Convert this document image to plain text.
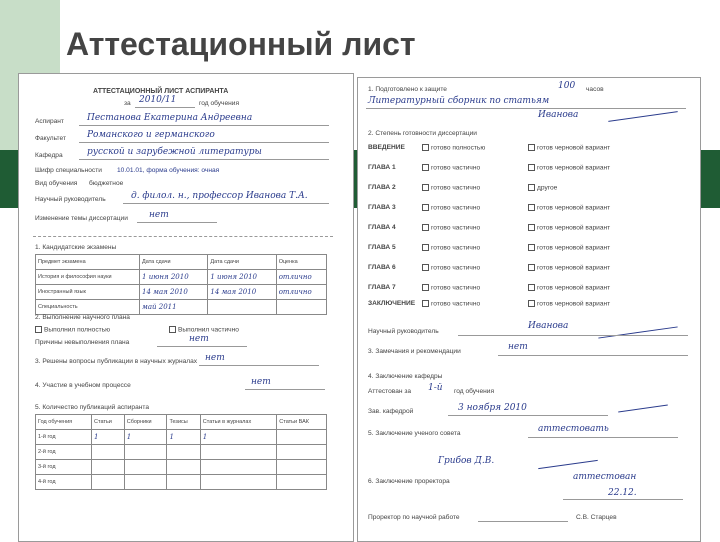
Аттестационный лист
АТТЕСТАЦИОННЫЙ ЛИСТ АСПИРАНТА
за 2010/11	год обучения
Аспирант	Пестанова Екатерина Андреевна
Факультет Романского и германского
Кафедра	русской и зарубежной литературы
Шифр специальности 10.01.01, форма обучения: очная
Вид обучения бюджетное
Научный руководитель	д. филол. н., профессор Иванова Т.А.
Изменение темы диссертации нет
1. Кандидатские экзамены
Предмет экзамена	Дата сдачи	Дата сдачи	Оценка
История и философия науки	1 июня 2010	1 июня 2010	отлично
Иностранный язык	14 мая 2010	14 мая 2010	отлично
Специальность	май 2011		
2. Выполнение научного плана
Выполнил полностью	Выполнил частично
Причины невыполнения плана	нет
3. Решены вопросы публикации в научных журналах нет
4. Участие в учебном процессе	нет
5. Количество публикаций аспиранта
Год обучения	Статьи	Сборники	Тезисы	Статьи в журналах	Статьи ВАК
1-й год	1	1	1	1	
2-й год					
3-й год					
4-й год					
1. Подготовлено к защите	100 часов
Литературный сборник по статьям
Иванова
2. Степень готовности диссертации
ВВЕДЕНИЕ	готово полностью	готов черновой вариант
ГЛАВА 1	готово частично	готов черновой вариант
ГЛАВА 2	готово частично	другое
ГЛАВА 3	готово частично	готов черновой вариант
ГЛАВА 4	готово частично	готов черновой вариант
ГЛАВА 5	готово частично	готов черновой вариант
ГЛАВА 6	готово частично	готов черновой вариант
ГЛАВА 7	готово частично	готов черновой вариант
ЗАКЛЮЧЕНИЕ	готово частично	готов черновой вариант
Научный руководитель
Иванова
3. Замечания и рекомендации	нет
4. Заключение кафедры
Аттестован за 1-й год обучения
Зав. кафедрой	3 ноября 2010
5. Заключение ученого совета	аттестовать
Грибов Д.В.
6. Заключение проректора	аттестован
22.12.
Проректор по научной работе	С.В. Старцев
